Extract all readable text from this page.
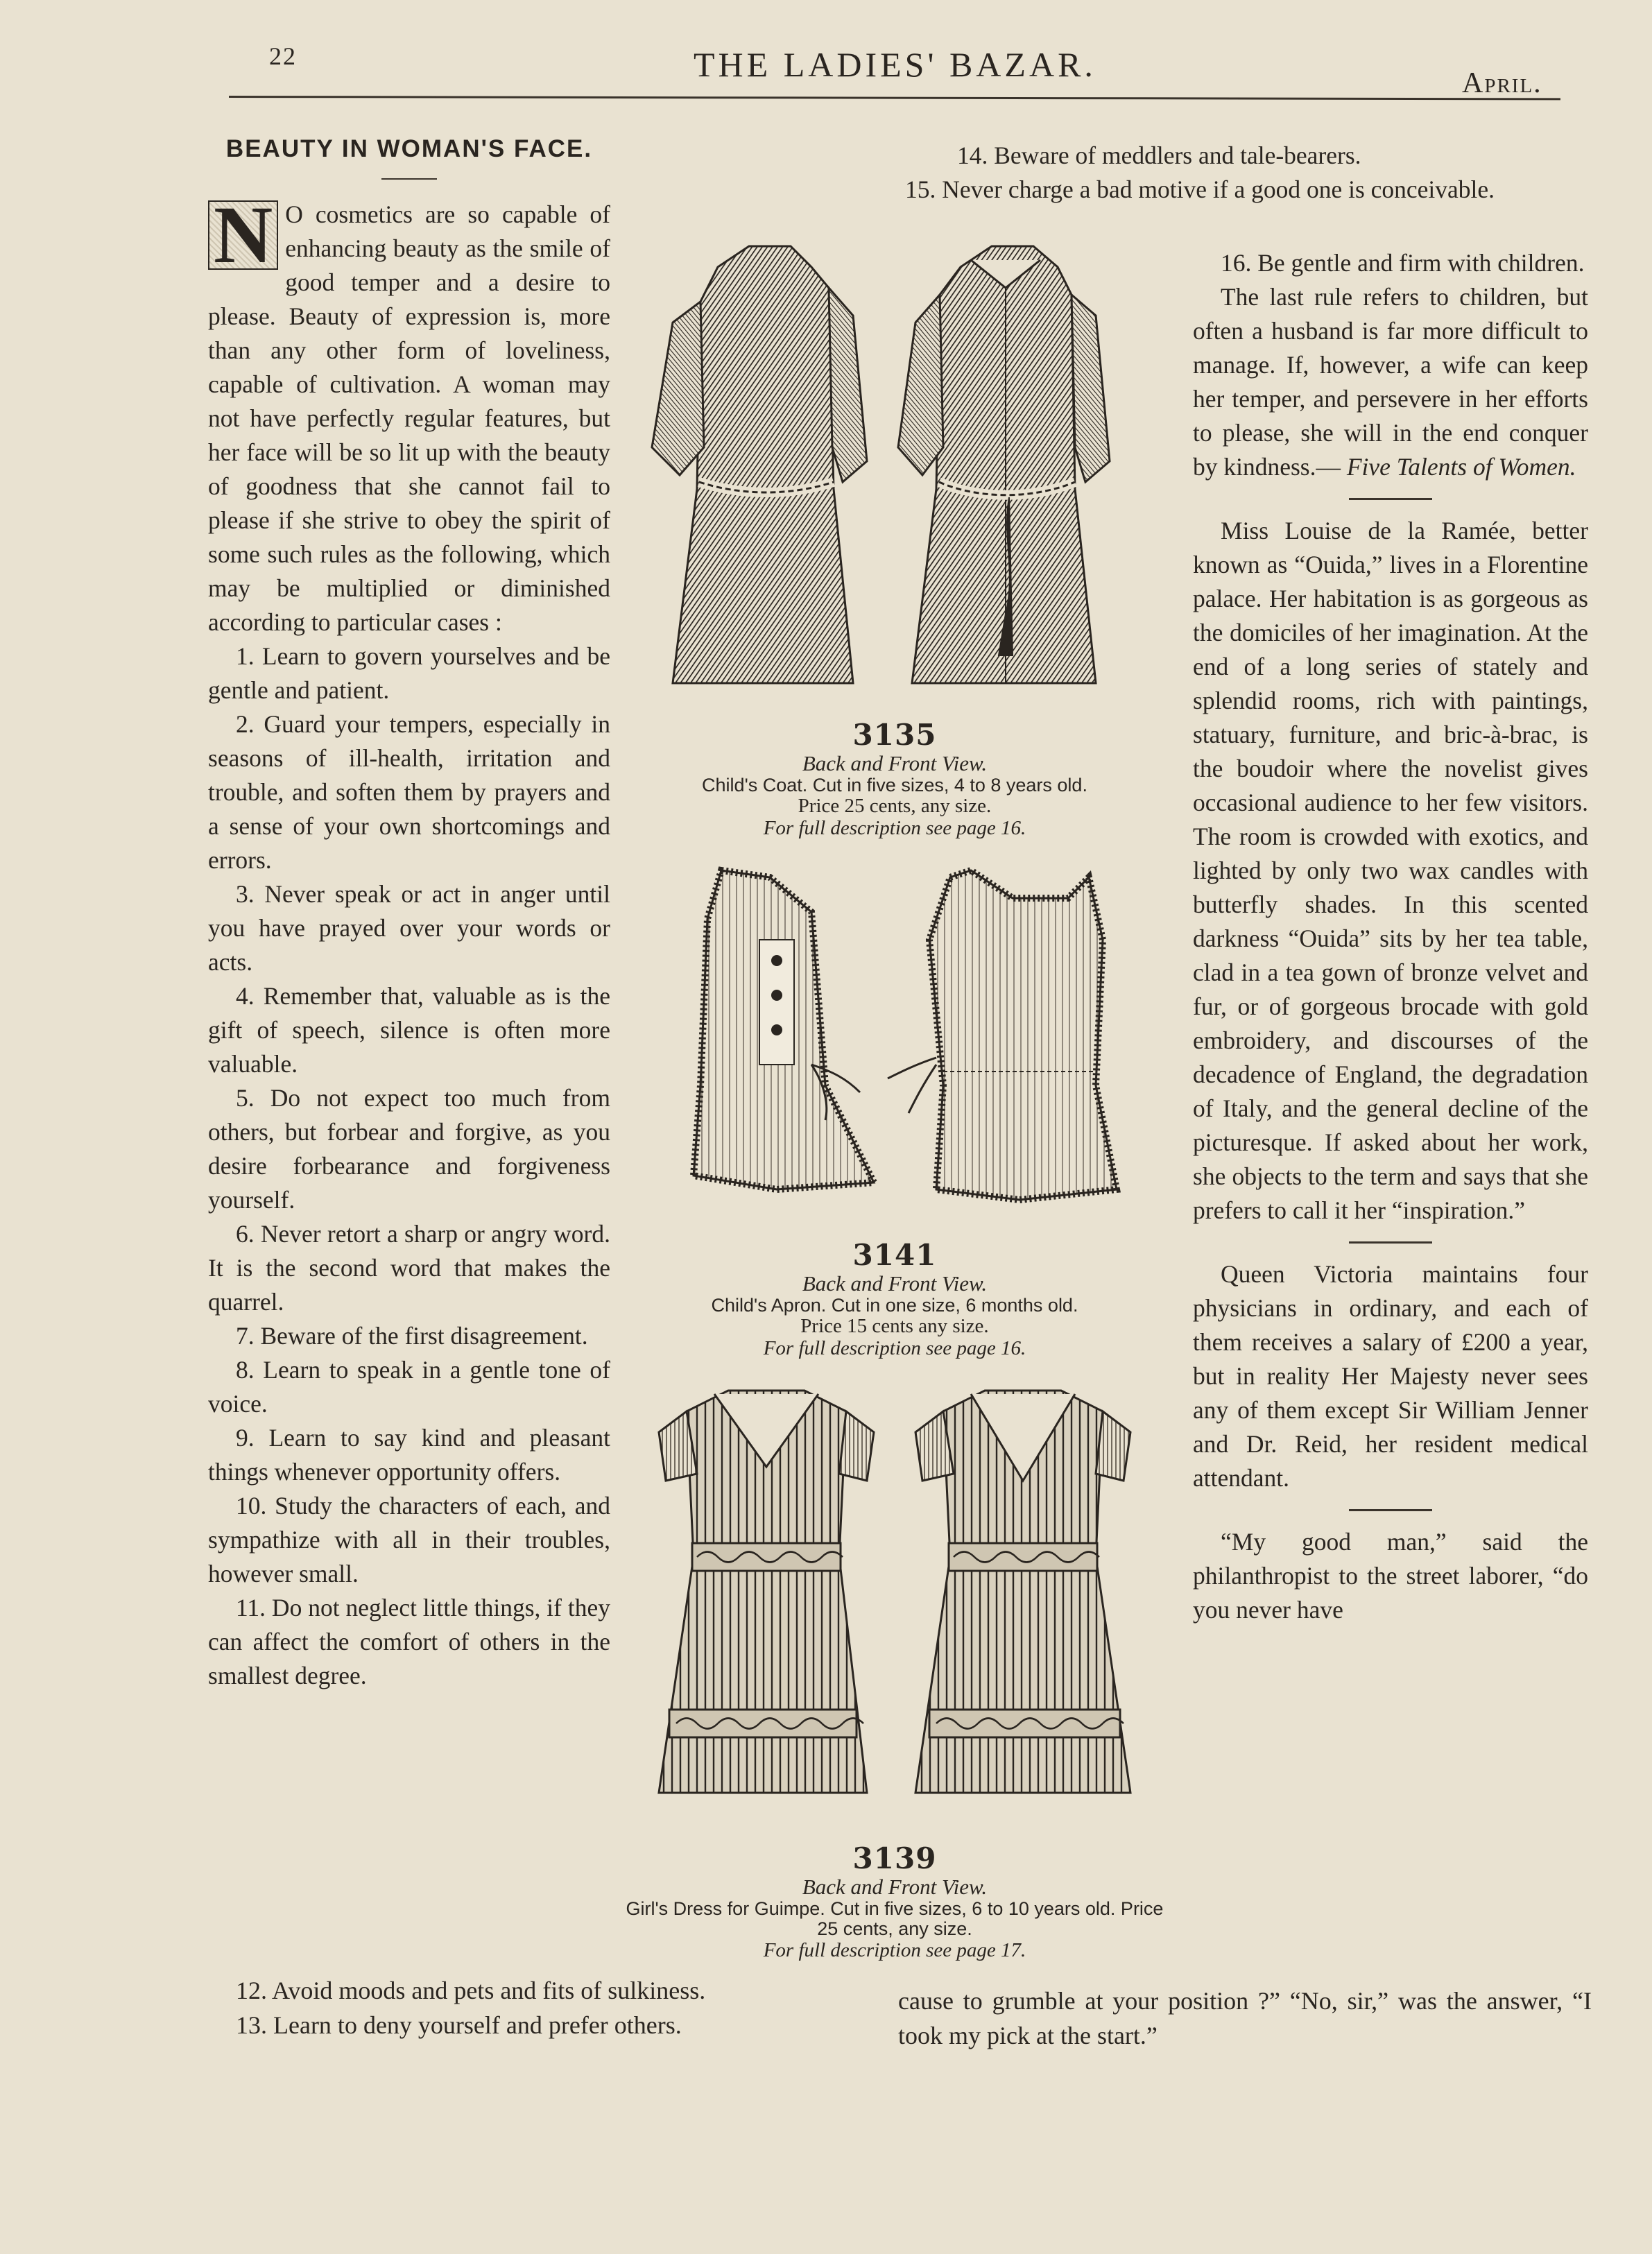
22	THE LADIES' BAZAR.	April.

BEAUTY IN WOMAN'S FACE.

N O cosmetics are so capable of enhancing beauty as the smile of good temper and a desire to please. Beauty of expression is, more than any other form of loveliness, capable of cultivation. A woman may not have perfectly regular features, but her face will be so lit up with the beauty of goodness that she cannot fail to please if she strive to obey the spirit of some such rules as the following, which may be multiplied or diminished according to particular cases :

1. Learn to govern yourselves and be gentle and patient.

2. Guard your tempers, especially in seasons of ill-health, irritation and trouble, and soften them by prayers and a sense of your own shortcomings and errors.

3. Never speak or act in anger until you have prayed over your words or acts.

4. Remember that, valuable as is the gift of speech, silence is often more valuable.

5. Do not expect too much from others, but forbear and forgive, as you desire forbearance and forgiveness yourself.

6. Never retort a sharp or angry word. It is the second word that makes the quarrel.

7. Beware of the first disagreement.

8. Learn to speak in a gentle tone of voice.

9. Learn to say kind and pleasant things whenever opportunity offers.

10. Study the characters of each, and sympathize with all in their troubles, however small.

11. Do not neglect little things, if they can affect the comfort of others in the smallest degree.

14. Beware of meddlers and tale-bearers.

15. Never charge a bad motive if a good one is conceivable.

16. Be gentle and firm with children.

The last rule refers to children, but often a husband is far more difficult to manage. If, however, a wife can keep her temper, and persevere in her efforts to please, she will in the end conquer by kindness.— Five Talents of Women.

Miss Louise de la Ramée, better known as “Ouida,” lives in a Florentine palace. Her habitation is as gorgeous as the domiciles of her imagination. At the end of a long series of stately and splendid rooms, rich with paintings, statuary, furniture, and bric-à-brac, is the boudoir where the novelist gives occasional audience to her few visitors. The room is crowded with exotics, and lighted by only two wax candles with butterfly shades. In this scented darkness “Ouida” sits by her tea table, clad in a tea gown of bronze velvet and fur, or of gorgeous brocade with gold embroidery, and discourses of the decadence of England, the degradation of Italy, and the general decline of the picturesque. If asked about her work, she objects to the term and says that she prefers to call it her “inspiration.”

Queen Victoria maintains four physicians in ordinary, and each of them receives a salary of £200 a year, but in reality Her Majesty never sees any of them except Sir William Jenner and Dr. Reid, her resident medical attendant.

“My good man,” said the philanthropist to the street laborer, “do you never have

12. Avoid moods and pets and fits of sulkiness.
13. Learn to deny yourself and prefer others.
cause to grumble at your position ?” “No, sir,” was the answer, “I took my pick at the start.”
3135
Back and Front View.
Child's Coat. Cut in five sizes, 4 to 8 years old.
Price 25 cents, any size.
For full description see page 16.
3141
Back and Front View.
Child's Apron. Cut in one size, 6 months old.
Price 15 cents any size.
For full description see page 16.
3139
Back and Front View.
Girl's Dress for Guimpe. Cut in five sizes, 6 to 10 years old. Price 25 cents, any size.
For full description see page 17.
